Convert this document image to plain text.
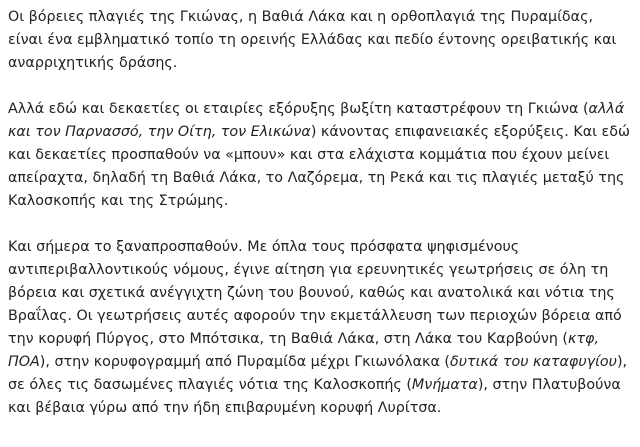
Οι βόρειες πλαγιές της Γκιώνας, η Βαθιά Λάκα και η ορθοπλαγιά της Πυραμίδας, είναι ένα εμβληματικό τοπίο τη ορεινής Ελλάδας και πεδίο έντονης ορειβατικής και αναρριχητικής δράσης.

Αλλά εδώ και δεκαετίες οι εταιρίες εξόρυξης βωξίτη καταστρέφουν τη Γκιώνα (αλλά και τον Παρνασσό, την Οίτη, τον Ελικώνα) κάνοντας επιφανειακές εξορύξεις. Και εδώ και δεκαετίες προσπαθούν να «μπουν» και στα ελάχιστα κομμάτια που έχουν μείνει απείραχτα, δηλαδή τη Βαθιά Λάκα, το Λαζόρεμα, τη Ρεκά και τις πλαγιές μεταξύ της Καλοσκοπής και της Στρώμης.

Και σήμερα το ξαναπροσπαθούν. Με όπλα τους πρόσφατα ψηφισμένους αντιπεριβαλλοντικούς νόμους, έγινε αίτηση για ερευνητικές γεωτρήσεις σε όλη τη βόρεια και σχετικά ανέγγιχτη ζώνη του βουνού, καθώς και ανατολικά και νότια της Βραΐλας. Οι γεωτρήσεις αυτές αφορούν την εκμετάλλευση των περιοχών βόρεια από την κορυφή Πύργος, στο Μπότσικα, τη Βαθιά Λάκα, στη Λάκα του Καρβούνη (κτφ, ΠΟΑ), στην κορυφογραμμή από Πυραμίδα μέχρι Γκιωνόλακα (δυτικά του καταφυγίου), σε όλες τις δασωμένες πλαγιές νότια της Καλοσκοπής (Μνήματα), στην Πλατυβούνα και βέβαια γύρω από την ήδη επιβαρυμένη κορυφή Λυρίτσα.
